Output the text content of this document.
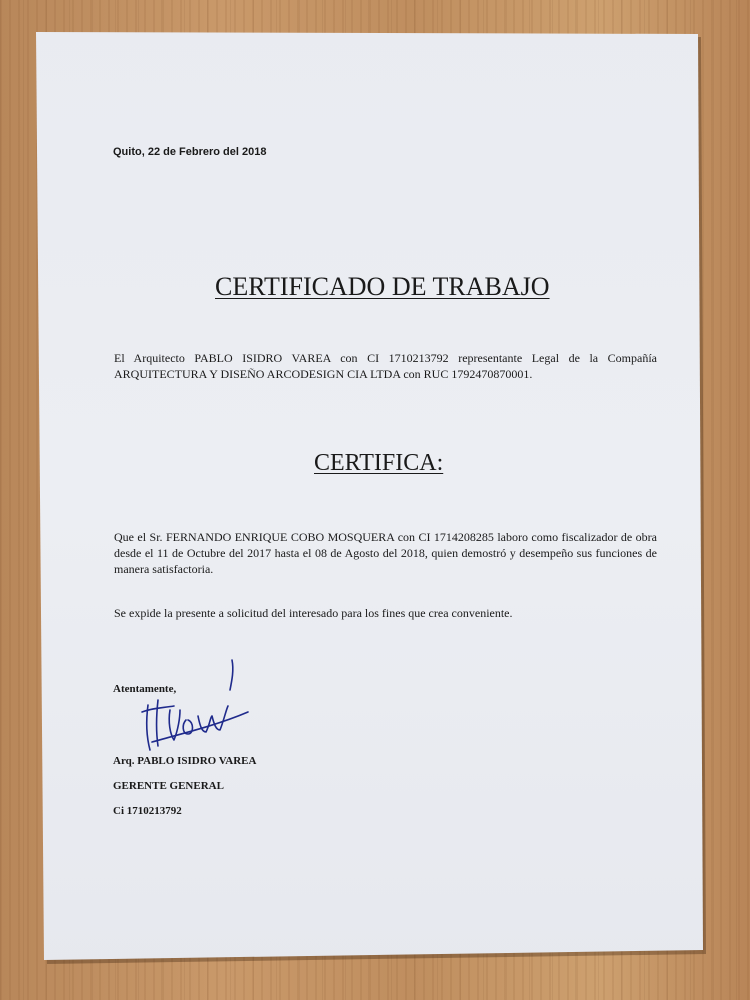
Quito, 22 de Febrero del 2018
CERTIFICADO DE TRABAJO
El Arquitecto PABLO ISIDRO VAREA con CI 1710213792 representante Legal de la Compañía ARQUITECTURA Y DISEÑO ARCODESIGN CIA LTDA con RUC 1792470870001.
CERTIFICA:
Que el Sr. FERNANDO ENRIQUE COBO MOSQUERA con CI 1714208285 laboro como fiscalizador de obra desde el 11 de Octubre del 2017 hasta el 08 de Agosto del 2018, quien demostró y desempeño sus funciones de manera satisfactoria.
Se expide la presente a solicitud del interesado para los fines que crea conveniente.
Atentamente,
Arq. PABLO ISIDRO VAREA
GERENTE GENERAL
Ci 1710213792
